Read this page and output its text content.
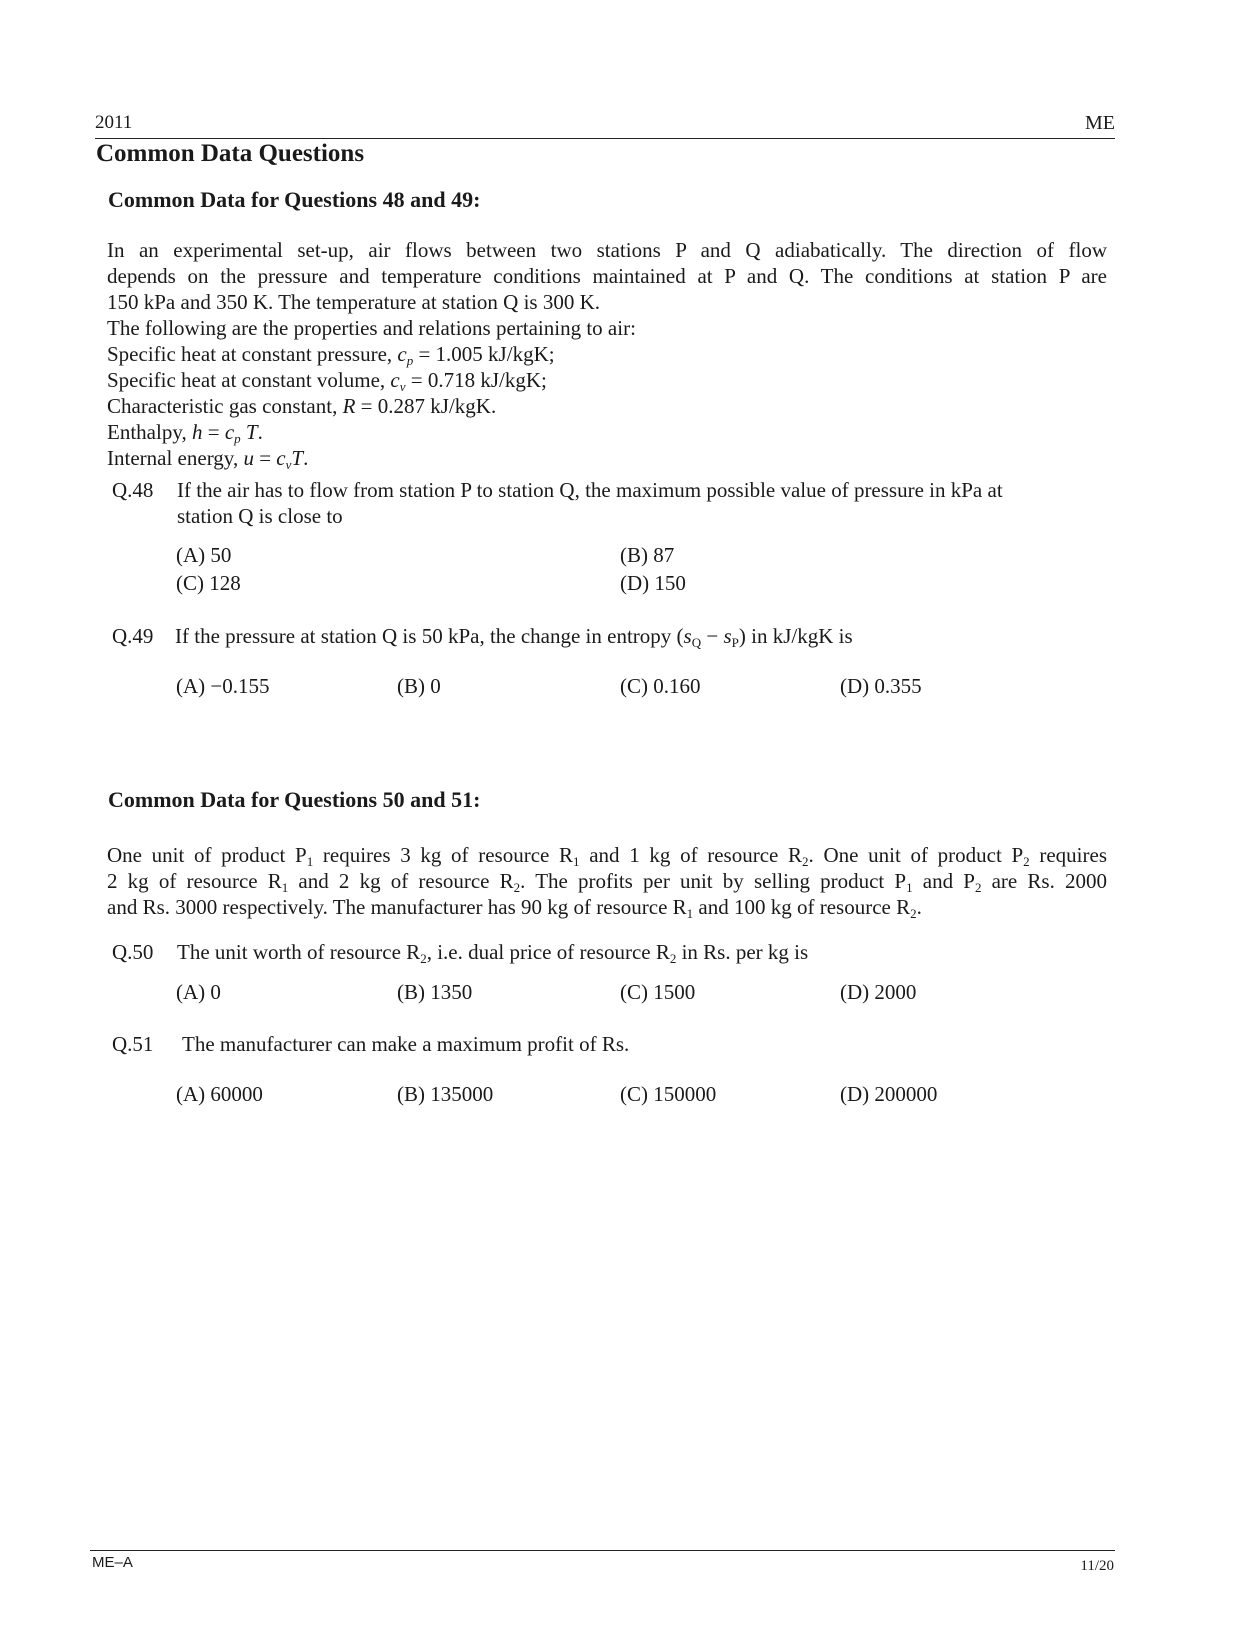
2011	ME
Common Data Questions
Common Data for Questions 48 and 49:
In an experimental set-up, air flows between two stations P and Q adiabatically. The direction of flow
depends on the pressure and temperature conditions maintained at P and Q. The conditions at station P are
150 kPa and 350 K. The temperature at station Q is 300 K.
The following are the properties and relations pertaining to air:
Specific heat at constant pressure, $c_p = 1.005$ kJ/kgK;
Specific heat at constant volume, $c_v = 0.718$ kJ/kgK;
Characteristic gas constant, R = 0.287 kJ/kgK.
Enthalpy, $h = c_p$ T.
Internal energy, $u = c_vT$.
Q.48 If the air has to flow from station P to station Q, the maximum possible value of pressure in kPa at
station Q is close to
(A) 50	(B) 87
(C) 128	(D) 150
Q.49 If the pressure at station Q is 50 kPa, the change in entropy $(s_Q - s_P)$ in kJ/kgK is
(A) −0.155	(B) 0	(C) 0.160	(D) 0.355
Common Data for Questions 50 and 51:
One unit of product $P_1$ requires 3 kg of resource $R_1$ and 1 kg of resource $R_2$. One unit of product $P_2$ requires
2 kg of resource $R_1$ and 2 kg of resource $R_2$. The profits per unit by selling product $P_1$ and $P_2$ are Rs. 2000
and Rs. 3000 respectively. The manufacturer has 90 kg of resource $R_1$ and 100 kg of resource $R_2$.
Q.50 The unit worth of resource $R_2$, i.e. dual price of resource $R_2$ in Rs. per kg is
(A) 0	(B) 1350	(C) 1500	(D) 2000
Q.51 The manufacturer can make a maximum profit of Rs.
(A) 60000	(B) 135000	(C) 150000	(D) 200000
ME–A	11/20
